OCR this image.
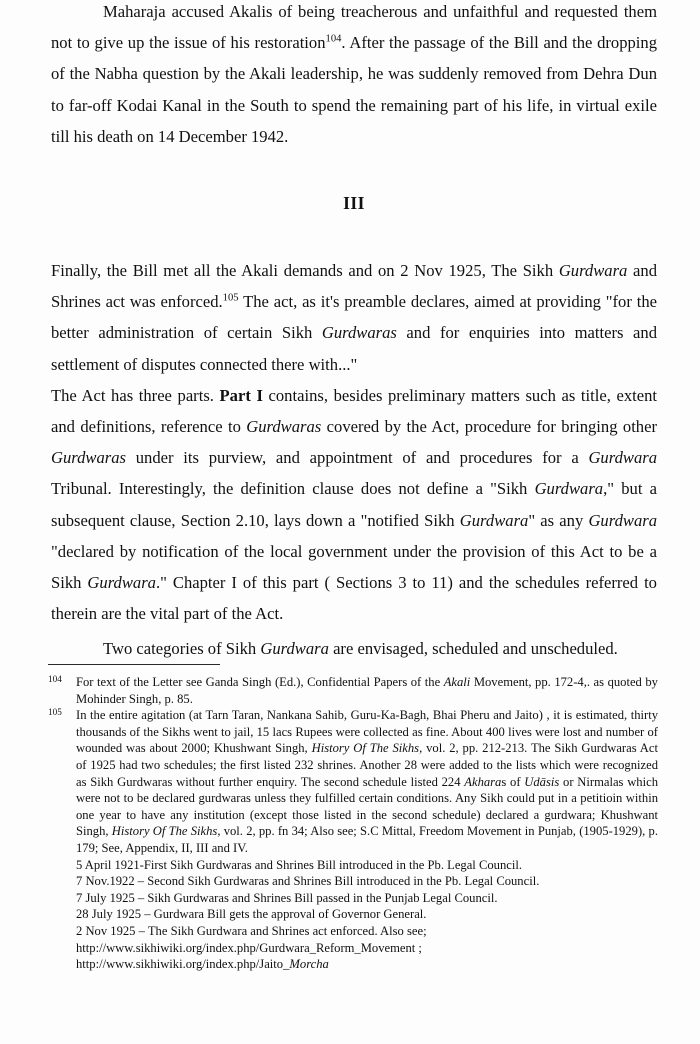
Maharaja accused Akalis of being treacherous and unfaithful and requested them not to give up the issue of his restoration$^{104}$. After the passage of the Bill and the dropping of the Nabha question by the Akali leadership, he was suddenly removed from Dehra Dun to far-off Kodai Kanal in the South to spend the remaining part of his life, in virtual exile till his death on 14 December 1942.

III

Finally, the Bill met all the Akali demands and on 2 Nov 1925, The Sikh Gurdwara and Shrines act was enforced.$^{105}$ The act, as it's preamble declares, aimed at providing "for the better administration of certain Sikh Gurdwaras and for enquiries into matters and settlement of disputes connected there with..."

The Act has three parts. Part I contains, besides preliminary matters such as title, extent and definitions, reference to Gurdwaras covered by the Act, procedure for bringing other Gurdwaras under its purview, and appointment of and procedures for a Gurdwara Tribunal. Interestingly, the definition clause does not define a "Sikh Gurdwara," but a subsequent clause, Section 2.10, lays down a "notified Sikh Gurdwara" as any Gurdwara "declared by notification of the local government under the provision of this Act to be a Sikh Gurdwara." Chapter I of this part ( Sections 3 to 11) and the schedules referred to therein are the vital part of the Act.

Two categories of Sikh Gurdwara are envisaged, scheduled and unscheduled.

104 For text of the Letter see Ganda Singh (Ed.), Confidential Papers of the Akali Movement, pp. 172-4,. as quoted by Mohinder Singh, p. 85.
105 In the entire agitation (at Tarn Taran, Nankana Sahib, Guru-Ka-Bagh, Bhai Pheru and Jaito) , it is estimated, thirty thousands of the Sikhs went to jail, 15 lacs Rupees were collected as fine. About 400 lives were lost and number of wounded was about 2000; Khushwant Singh, History Of The Sikhs, vol. 2, pp. 212-213. The Sikh Gurdwaras Act of 1925 had two schedules; the first listed 232 shrines. Another 28 were added to the lists which were recognized as Sikh Gurdwaras without further enquiry. The second schedule listed 224 Akharas of Udāsis or Nirmalas which were not to be declared gurdwaras unless they fulfilled certain conditions. Any Sikh could put in a petitioin within one year to have any institution (except those listed in the second schedule) declared a gurdwara; Khushwant Singh, History Of The Sikhs, vol. 2, pp. fn 34; Also see; S.C Mittal, Freedom Movement in Punjab, (1905-1929), p. 179; See, Appendix, II, III and IV.
5 April 1921-First Sikh Gurdwaras and Shrines Bill introduced in the Pb. Legal Council.
7 Nov.1922 – Second Sikh Gurdwaras and Shrines Bill introduced in the Pb. Legal Council.
7 July 1925 – Sikh Gurdwaras and Shrines Bill passed in the Punjab Legal Council.
28 July 1925 – Gurdwara Bill gets the approval of Governor General.
2 Nov 1925 – The Sikh Gurdwara and Shrines act enforced. Also see;
http://www.sikhiwiki.org/index.php/Gurdwara_Reform_Movement ;
http://www.sikhiwiki.org/index.php/Jaito_Morcha
